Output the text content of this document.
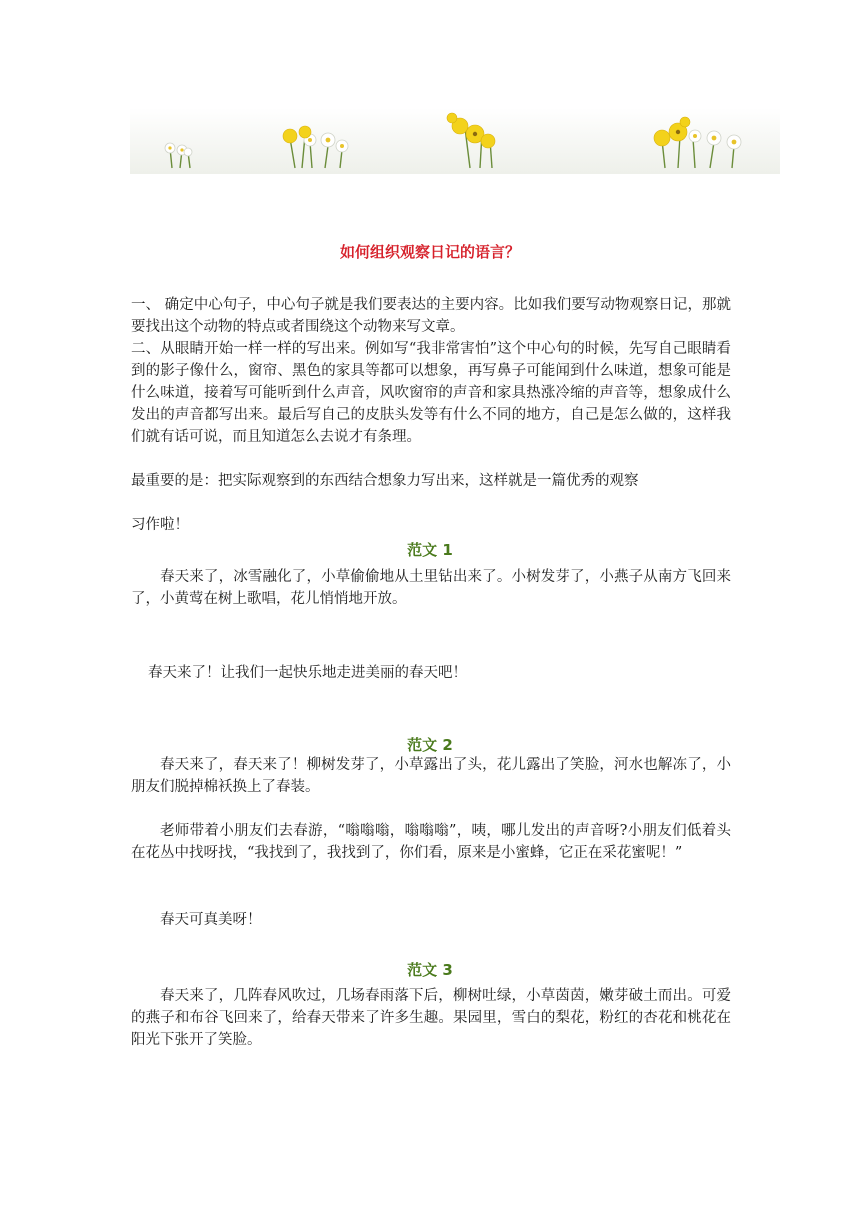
如何组织观察日记的语言？

一、 确定中心句子，中心句子就是我们要表达的主要内容。比如我们要写动物观察日记，那就要找出这个动物的特点或者围绕这个动物来写文章。

二、从眼睛开始一样一样的写出来。例如写“我非常害怕”这个中心句的时候，先写自己眼睛看到的影子像什么，窗帘、黑色的家具等都可以想象，再写鼻子可能闻到什么味道，想象可能是什么味道，接着写可能听到什么声音，风吹窗帘的声音和家具热涨冷缩的声音等，想象成什么发出的声音都写出来。最后写自己的皮肤头发等有什么不同的地方，自己是怎么做的，这样我们就有话可说，而且知道怎么去说才有条理。

最重要的是：把实际观察到的东西结合想象力写出来，这样就是一篇优秀的观察

习作啦！

范文 1

春天来了，冰雪融化了，小草偷偷地从土里钻出来了。小树发芽了，小燕子从南方飞回来了，小黄莺在树上歌唱，花儿悄悄地开放。

春天来了！让我们一起快乐地走进美丽的春天吧！

范文 2

春天来了，春天来了！柳树发芽了，小草露出了头，花儿露出了笑脸，河水也解冻了，小朋友们脱掉棉袄换上了春装。

老师带着小朋友们去春游，“嗡嗡嗡，嗡嗡嗡”，咦，哪儿发出的声音呀?小朋友们低着头在花丛中找呀找，“我找到了，我找到了，你们看，原来是小蜜蜂，它正在采花蜜呢！”

春天可真美呀！

范文 3

春天来了，几阵春风吹过，几场春雨落下后，柳树吐绿，小草茵茵，嫩芽破土而出。可爱的燕子和布谷飞回来了，给春天带来了许多生趣。果园里，雪白的梨花，粉红的杏花和桃花在阳光下张开了笑脸。
